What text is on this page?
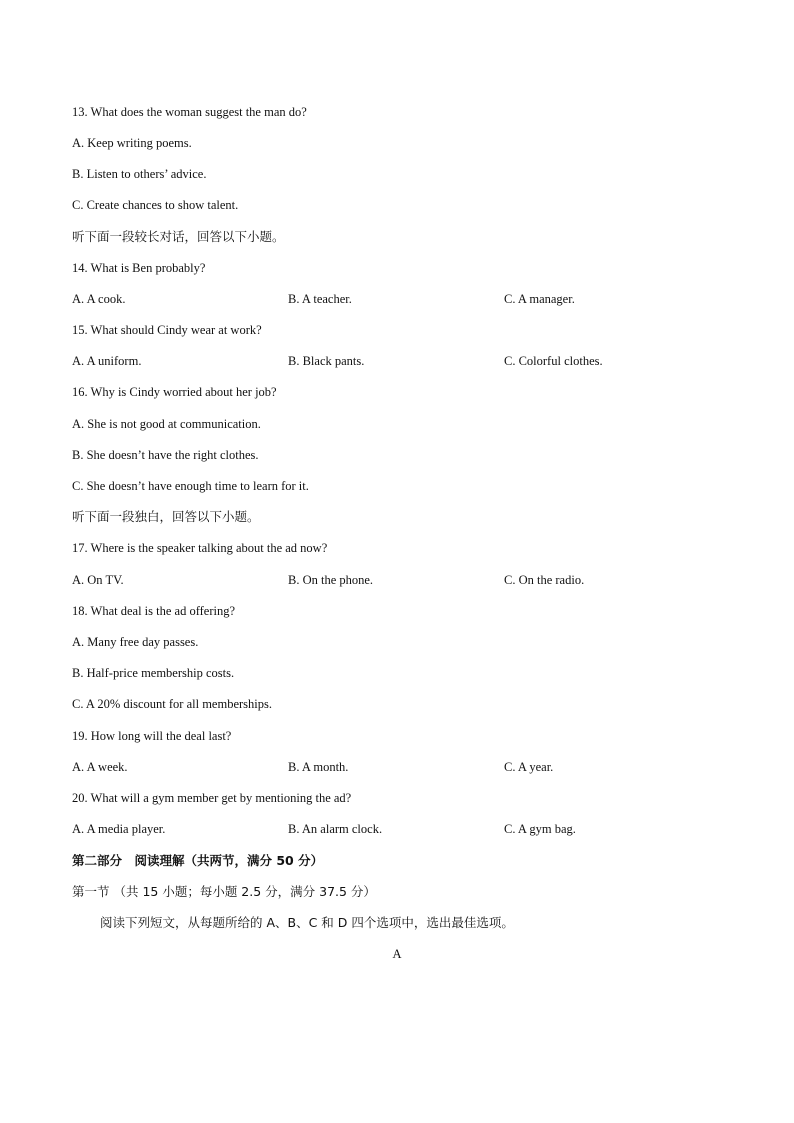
13. What does the woman suggest the man do?
A. Keep writing poems.
B. Listen to others’ advice.
C. Create chances to show talent.
听下面一段较长对话，回答以下小题。
14. What is Ben probably?
A. A cook.	B. A teacher.	C. A manager.
15. What should Cindy wear at work?
A. A uniform.	B. Black pants.	C. Colorful clothes.
16. Why is Cindy worried about her job?
A. She is not good at communication.
B. She doesn’t have the right clothes.
C. She doesn’t have enough time to learn for it.
听下面一段独白，回答以下小题。
17. Where is the speaker talking about the ad now?
A. On TV.	B. On the phone.	C. On the radio.
18. What deal is the ad offering?
A. Many free day passes.
B. Half-price membership costs.
C. A 20% discount for all memberships.
19. How long will the deal last?
A. A week.	B. A month.	C. A year.
20. What will a gym member get by mentioning the ad?
A. A media player.	B. An alarm clock.	C. A gym bag.
第二部分　阅读理解（共两节，满分 50 分）
第一节 （共 15 小题；每小题 2.5 分，满分 37.5 分）
阅读下列短文，从每题所给的 A、B、C 和 D 四个选项中，选出最佳选项。
A
